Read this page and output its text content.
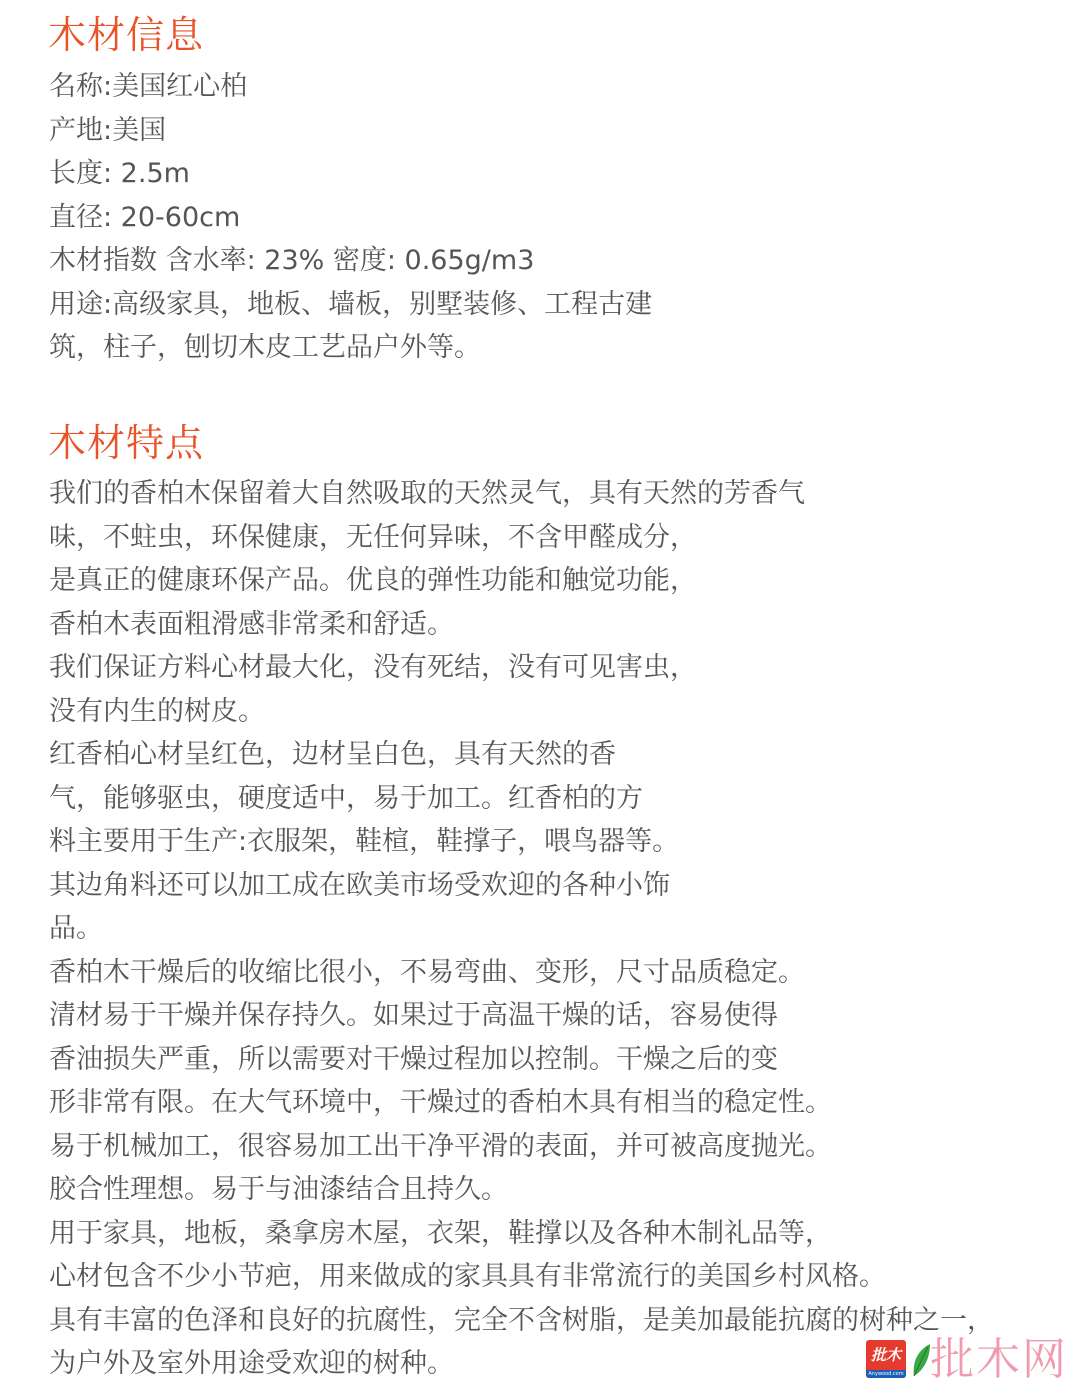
木材信息
名称:美国红心柏
产地:美国
长度: 2.5m
直径: 20-60cm
木材指数 含水率: 23% 密度: 0.65g/m3
用途:高级家具，地板、墙板，别墅装修、工程古建
筑，柱子，刨切木皮工艺品户外等。
木材特点
我们的香柏木保留着大自然吸取的天然灵气，具有天然的芳香气
味，不蛀虫，环保健康，无任何异味，不含甲醛成分，
是真正的健康环保产品。优良的弹性功能和触觉功能，
香柏木表面粗滑感非常柔和舒适。
我们保证方料心材最大化，没有死结，没有可见害虫，
没有内生的树皮。
红香柏心材呈红色，边材呈白色，具有天然的香
气，能够驱虫，硬度适中，易于加工。红香柏的方
料主要用于生产:衣服架，鞋楦，鞋撑子，喂鸟器等。
其边角料还可以加工成在欧美市场受欢迎的各种小饰
品。
香柏木干燥后的收缩比很小，不易弯曲、变形，尺寸品质稳定。
清材易于干燥并保存持久。如果过于高温干燥的话，容易使得
香油损失严重，所以需要对干燥过程加以控制。干燥之后的变
形非常有限。在大气环境中，干燥过的香柏木具有相当的稳定性。
易于机械加工，很容易加工出干净平滑的表面，并可被高度抛光。
胶合性理想。易于与油漆结合且持久。
用于家具，地板，桑拿房木屋，衣架，鞋撑以及各种木制礼品等，
心材包含不少小节疤，用来做成的家具具有非常流行的美国乡村风格。
具有丰富的色泽和良好的抗腐性，完全不含树脂，是美加最能抗腐的树种之一，
为户外及室外用途受欢迎的树种。	批木
Anywood.com 批木网
